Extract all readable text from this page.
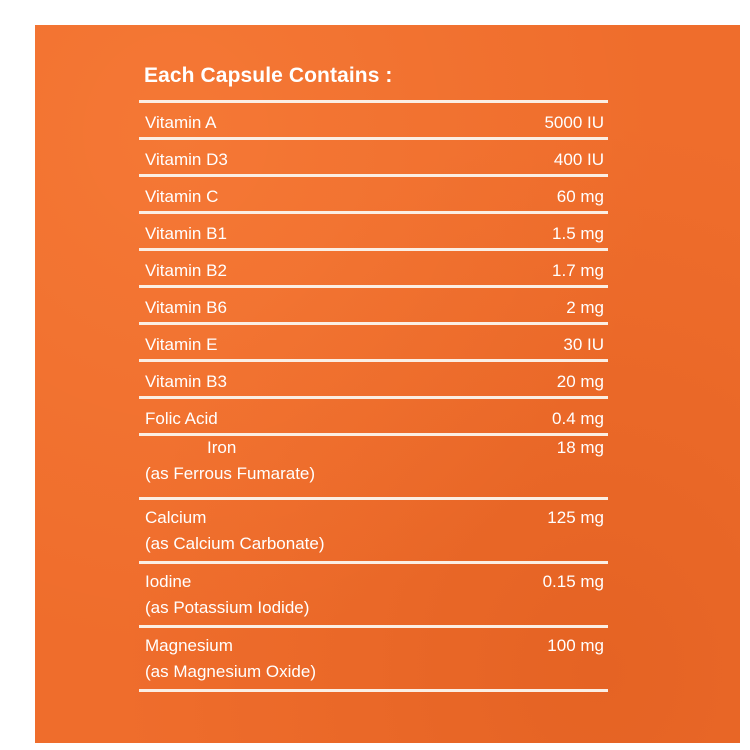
Each Capsule Contains :
Vitamin A	5000 IU
Vitamin D3	400 IU
Vitamin C	60 mg
Vitamin B1	1.5 mg
Vitamin B2	1.7 mg
Vitamin B6	2 mg
Vitamin E	30 IU
Vitamin B3	20 mg
Folic Acid	0.4 mg
Iron	18 mg
(as Ferrous Fumarate)
Calcium	125 mg
(as Calcium Carbonate)
Iodine	0.15 mg
(as Potassium Iodide)
Magnesium	100 mg
(as Magnesium Oxide)
